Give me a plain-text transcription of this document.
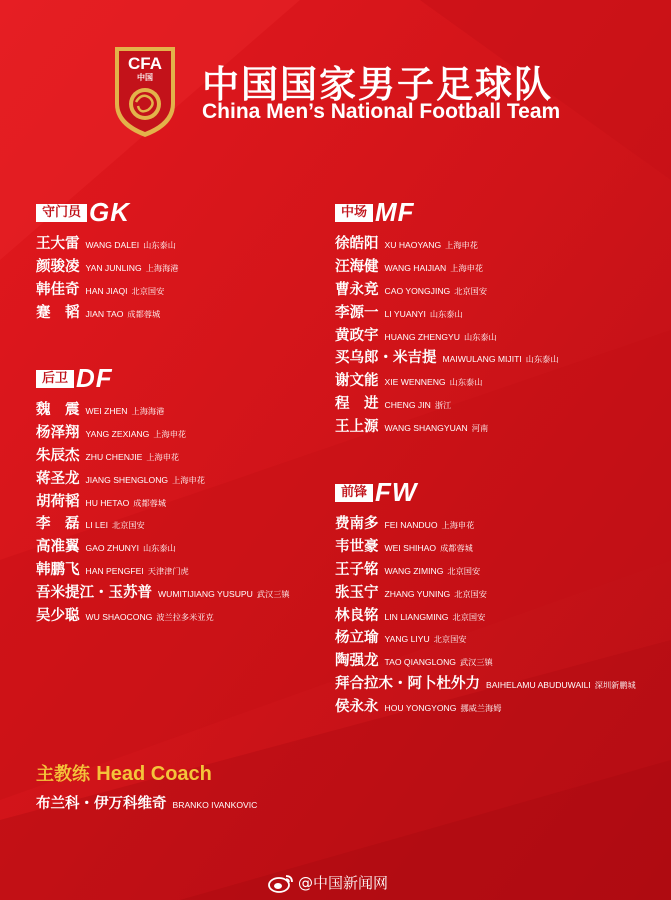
CFA
中国 中国国家男子足球队
China Men’s National Football Team
守门员 GK
王大雷 WANG DALEI 山东泰山
颜骏凌 YAN JUNLING 上海海港
韩佳奇 HAN JIAQI 北京国安
蹇　韬 JIAN TAO 成都蓉城
后卫 DF
魏　震 WEI ZHEN 上海海港
杨泽翔 YANG ZEXIANG 上海申花
朱辰杰 ZHU CHENJIE 上海申花
蒋圣龙 JIANG SHENGLONG 上海申花
胡荷韬 HU HETAO 成都蓉城
李　磊 LI LEI 北京国安
高准翼 GAO ZHUNYI 山东泰山
韩鹏飞 HAN PENGFEI 天津津门虎
吾米提江・玉苏普 WUMITIJIANG YUSUPU 武汉三镇
吴少聪 WU SHAOCONG 波兰拉多米亚克
中场 MF
徐皓阳 XU HAOYANG 上海申花
汪海健 WANG HAIJIAN 上海申花
曹永竞 CAO YONGJING 北京国安
李源一 LI YUANYI 山东泰山
黄政宇 HUANG ZHENGYU 山东泰山
买乌郎・米吉提 MAIWULANG MIJITI 山东泰山
谢文能 XIE WENNENG 山东泰山
程　进 CHENG JIN 浙江
王上源 WANG SHANGYUAN 河南
前锋 FW
费南多 FEI NANDUO 上海申花
韦世豪 WEI SHIHAO 成都蓉城
王子铭 WANG ZIMING 北京国安
张玉宁 ZHANG YUNING 北京国安
林良铭 LIN LIANGMING 北京国安
杨立瑜 YANG LIYU 北京国安
陶强龙 TAO QIANGLONG 武汉三镇
拜合拉木・阿卜杜外力 BAIHELAMU ABUDUWAILI 深圳新鹏城
侯永永 HOU YONGYONG 挪威兰海姆
主教练 Head Coach
布兰科・伊万科维奇 BRANKO IVANKOVIC
@中国新闻网
